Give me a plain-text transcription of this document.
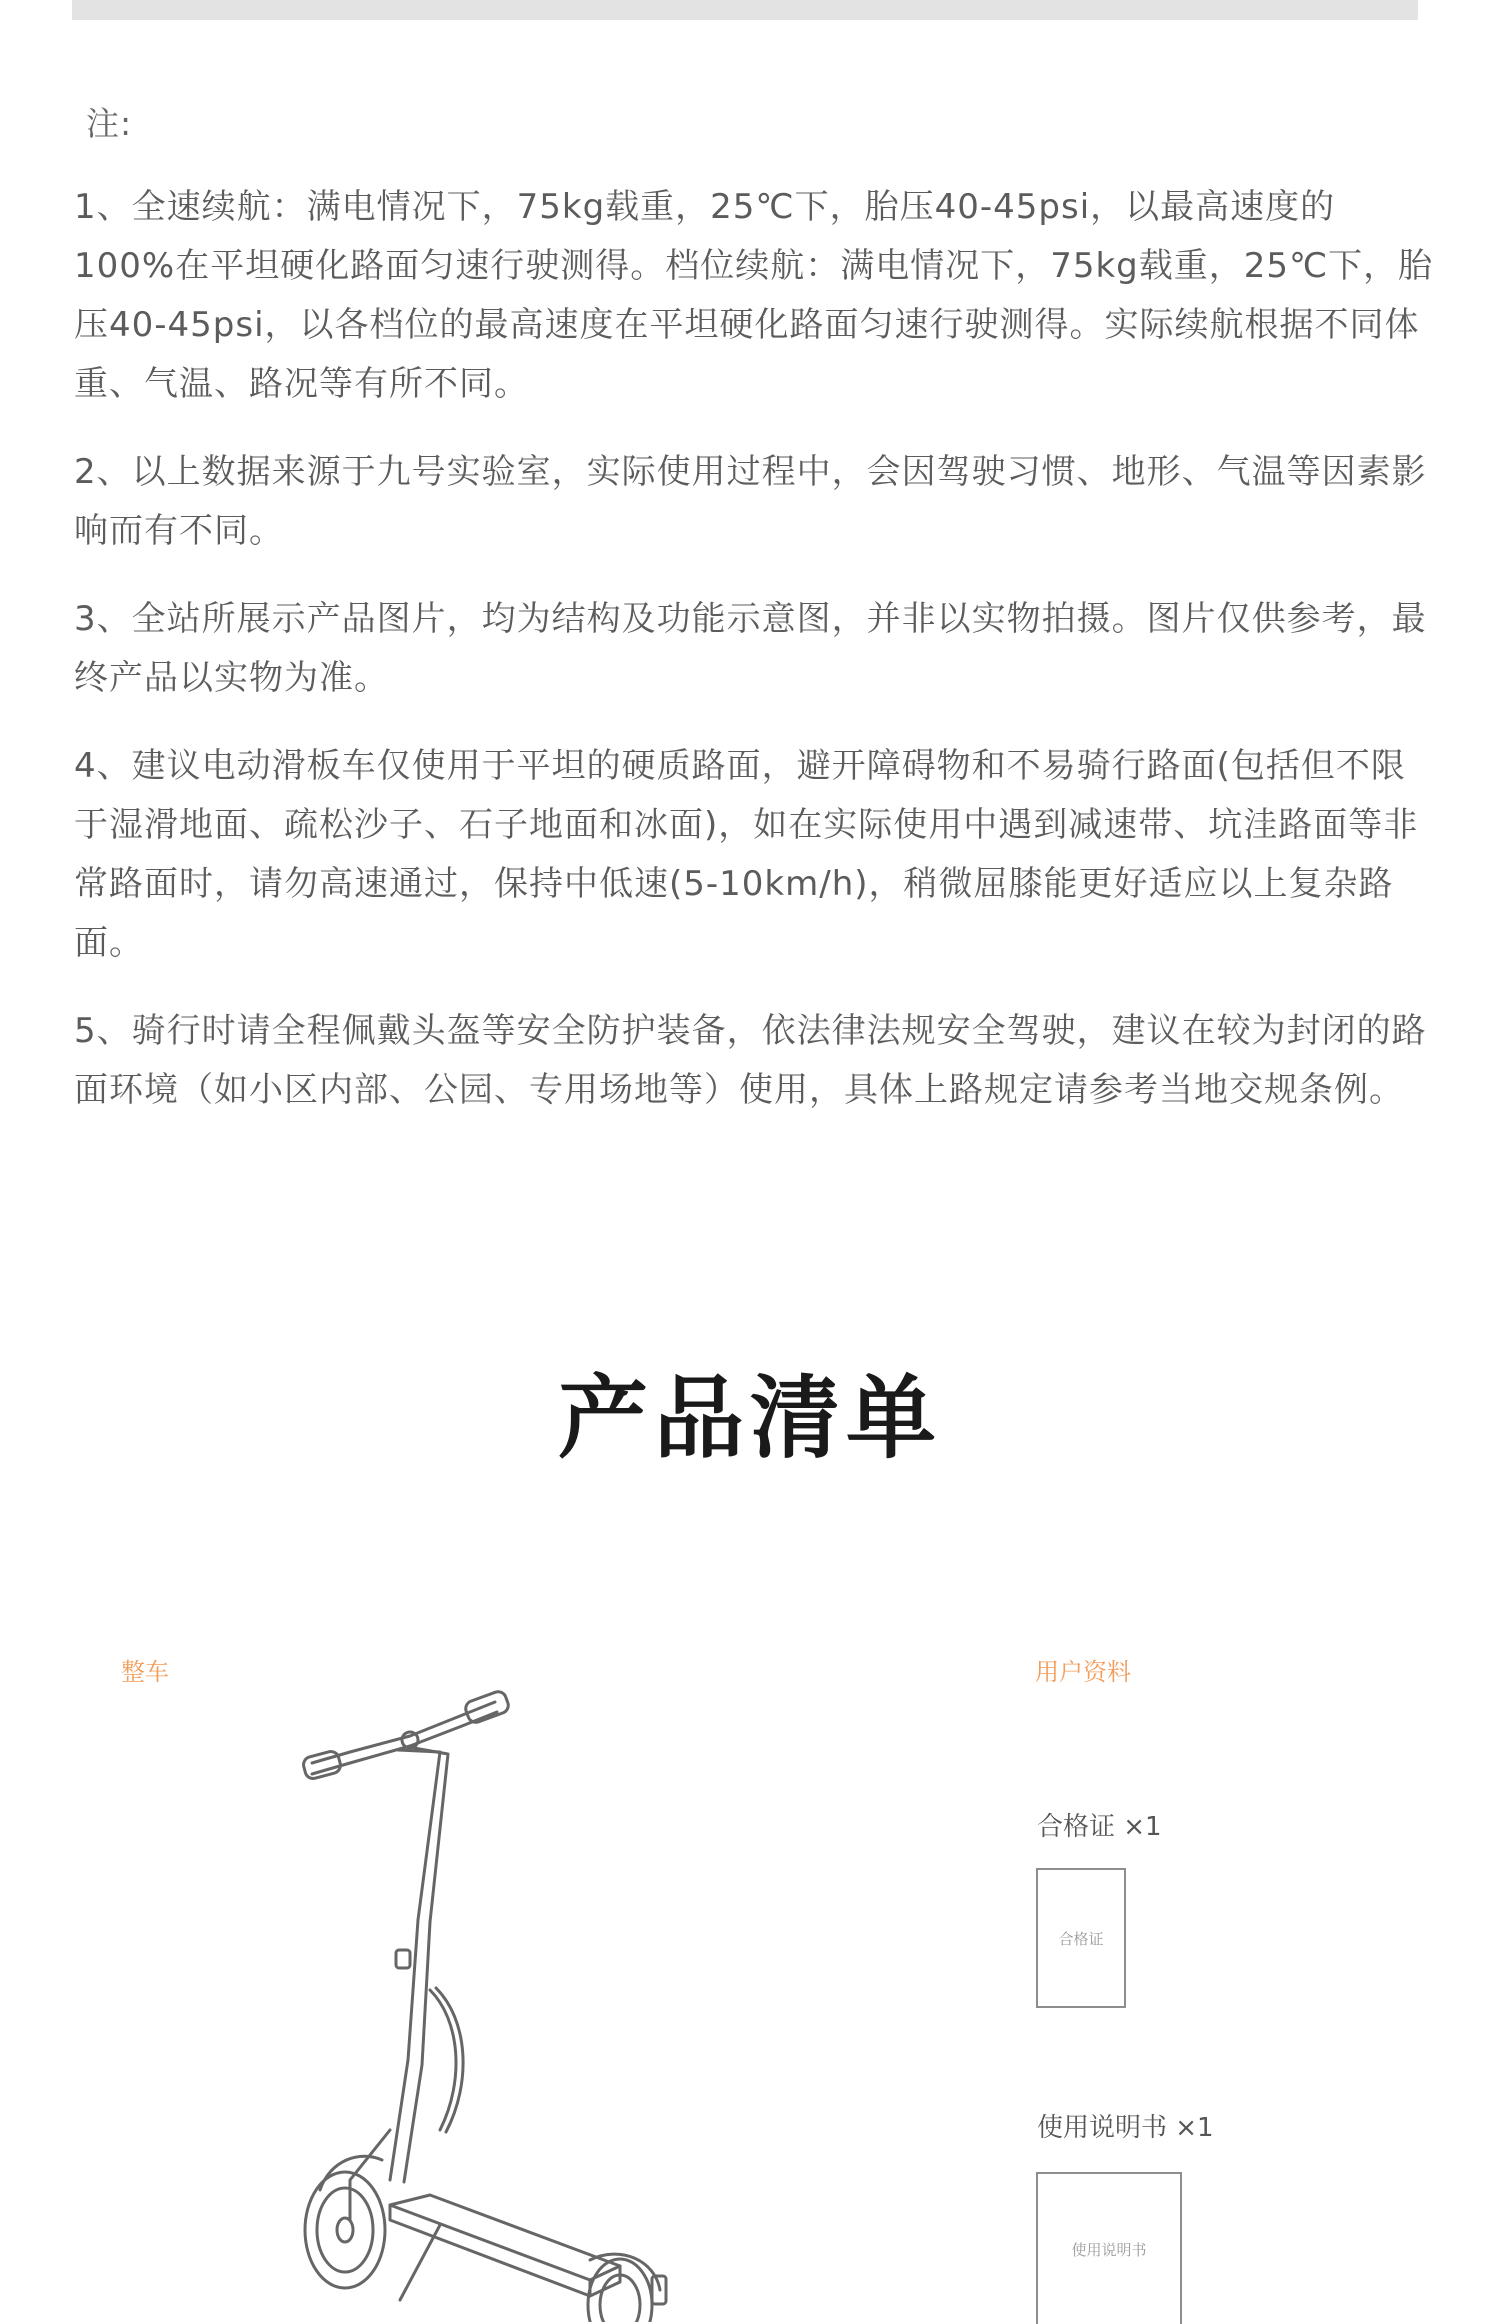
注:

1、全速续航：满电情况下，75kg载重，25℃下，胎压40-45psi，以最高速度的100%在平坦硬化路面匀速行驶测得。档位续航：满电情况下，75kg载重，25℃下，胎压40-45psi，以各档位的最高速度在平坦硬化路面匀速行驶测得。实际续航根据不同体重、气温、路况等有所不同。

2、以上数据来源于九号实验室，实际使用过程中，会因驾驶习惯、地形、气温等因素影响而有不同。

3、全站所展示产品图片，均为结构及功能示意图，并非以实物拍摄。图片仅供参考，最终产品以实物为准。

4、建议电动滑板车仅使用于平坦的硬质路面，避开障碍物和不易骑行路面(包括但不限于湿滑地面、疏松沙子、石子地面和冰面)，如在实际使用中遇到减速带、坑洼路面等非常路面时，请勿高速通过，保持中低速(5-10km/h)，稍微屈膝能更好适应以上复杂路面。

5、骑行时请全程佩戴头盔等安全防护装备，依法律法规安全驾驶，建议在较为封闭的路面环境（如小区内部、公园、专用场地等）使用，具体上路规定请参考当地交规条例。

产品清单
整车	用户资料
合格证 ×1
合格证
使用说明书 ×1
使用说明书
